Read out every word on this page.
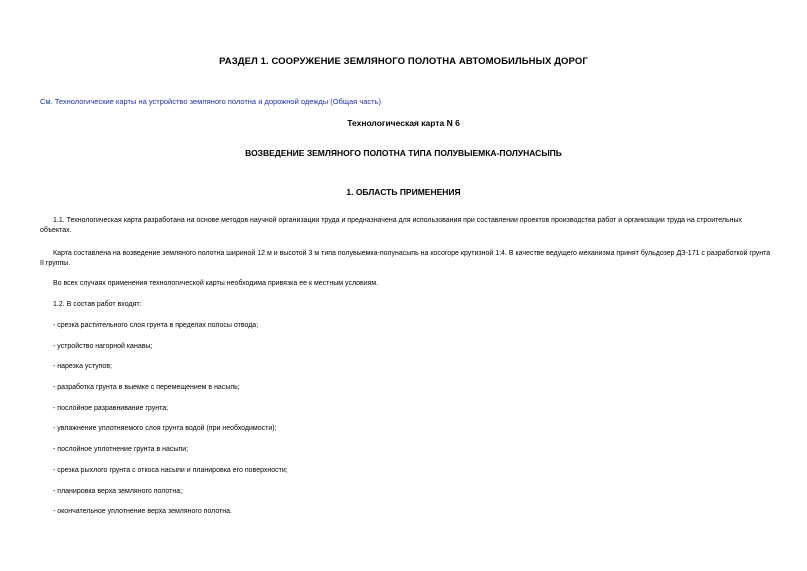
РАЗДЕЛ 1. СООРУЖЕНИЕ ЗЕМЛЯНОГО ПОЛОТНА АВТОМОБИЛЬНЫХ ДОРОГ
См. Технологические карты на устройство земляного полотна и дорожной одежды (Общая часть)
Технологическая карта N 6
ВОЗВЕДЕНИЕ ЗЕМЛЯНОГО ПОЛОТНА ТИПА ПОЛУВЫЕМКА-ПОЛУНАСЫПЬ
1. ОБЛАСТЬ ПРИМЕНЕНИЯ
1.1. Технологическая карта разработана на основе методов научной организации труда и предназначена для использования при составлении проектов производства работ и организации труда на строительных объектах.
Карта составлена на возведение земляного полотна шириной 12 м и высотой 3 м типа полувыемка-полунасыпь на косогоре крутизной 1:4. В качестве ведущего механизма принят бульдозер ДЗ-171 с разработкой грунта II группы.
Во всех случаях применения технологической карты необходима привязка ее к местным условиям.
1.2. В состав работ входят:
- срезка растительного слоя грунта в пределах полосы отвода;
- устройство нагорной канавы;
- нарезка уступов;
- разработка грунта в выемке с перемещением в насыпь;
- послойное разравнивание грунта;
- увлажнение уплотняемого слоя грунта водой (при необходимости);
- послойное уплотнение грунта в насыпи;
- срезка рыхлого грунта с откоса насыпи и планировка его поверхности;
- планировка верха земляного полотна;
- окончательное уплотнение верха земляного полотна.
